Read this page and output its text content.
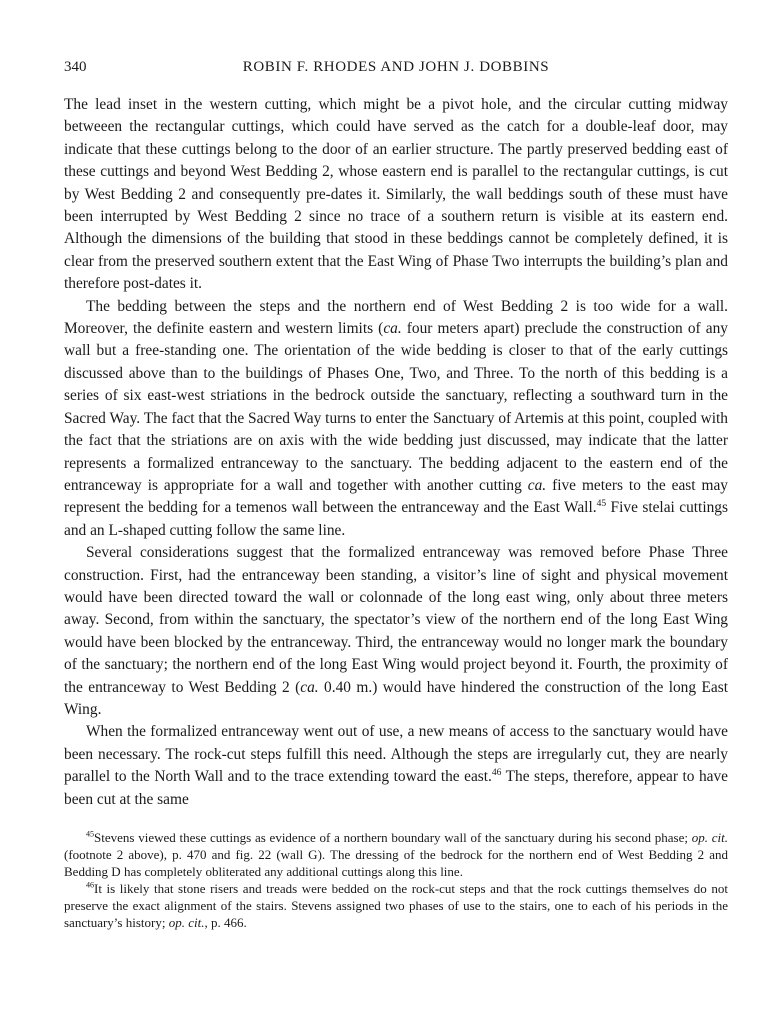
340	ROBIN F. RHODES AND JOHN J. DOBBINS

The lead inset in the western cutting, which might be a pivot hole, and the circular cutting midway betweeen the rectangular cuttings, which could have served as the catch for a double-leaf door, may indicate that these cuttings belong to the door of an earlier structure. The partly preserved bedding east of these cuttings and beyond West Bedding 2, whose eastern end is parallel to the rectangular cuttings, is cut by West Bedding 2 and consequently pre-dates it. Similarly, the wall beddings south of these must have been interrupted by West Bedding 2 since no trace of a southern return is visible at its eastern end. Although the dimensions of the building that stood in these beddings cannot be completely defined, it is clear from the preserved southern extent that the East Wing of Phase Two interrupts the building’s plan and therefore post-dates it.

The bedding between the steps and the northern end of West Bedding 2 is too wide for a wall. Moreover, the definite eastern and western limits (ca. four meters apart) preclude the construction of any wall but a free-standing one. The orientation of the wide bedding is closer to that of the early cuttings discussed above than to the buildings of Phases One, Two, and Three. To the north of this bedding is a series of six east-west striations in the bedrock outside the sanctuary, reflecting a southward turn in the Sacred Way. The fact that the Sacred Way turns to enter the Sanctuary of Artemis at this point, coupled with the fact that the striations are on axis with the wide bedding just discussed, may indicate that the latter represents a formalized entranceway to the sanctuary. The bedding adjacent to the eastern end of the entranceway is appropriate for a wall and together with another cutting ca. five meters to the east may represent the bedding for a temenos wall between the entranceway and the East Wall.$^{45}$ Five stelai cuttings and an L-shaped cutting follow the same line.

Several considerations suggest that the formalized entranceway was removed before Phase Three construction. First, had the entranceway been standing, a visitor’s line of sight and physical movement would have been directed toward the wall or colonnade of the long east wing, only about three meters away. Second, from within the sanctuary, the spectator’s view of the northern end of the long East Wing would have been blocked by the entranceway. Third, the entranceway would no longer mark the boundary of the sanctuary; the northern end of the long East Wing would project beyond it. Fourth, the proximity of the entranceway to West Bedding 2 (ca. 0.40 m.) would have hindered the construction of the long East Wing.

When the formalized entranceway went out of use, a new means of access to the sanctuary would have been necessary. The rock-cut steps fulfill this need. Although the steps are irregularly cut, they are nearly parallel to the North Wall and to the trace extending toward the east.$^{46}$ The steps, therefore, appear to have been cut at the same

$^{45}$Stevens viewed these cuttings as evidence of a northern boundary wall of the sanctuary during his second phase; op. cit. (footnote 2 above), p. 470 and fig. 22 (wall G). The dressing of the bedrock for the northern end of West Bedding 2 and Bedding D has completely obliterated any additional cuttings along this line.

$^{46}$It is likely that stone risers and treads were bedded on the rock-cut steps and that the rock cuttings themselves do not preserve the exact alignment of the stairs. Stevens assigned two phases of use to the stairs, one to each of his periods in the sanctuary’s history; op. cit., p. 466.
